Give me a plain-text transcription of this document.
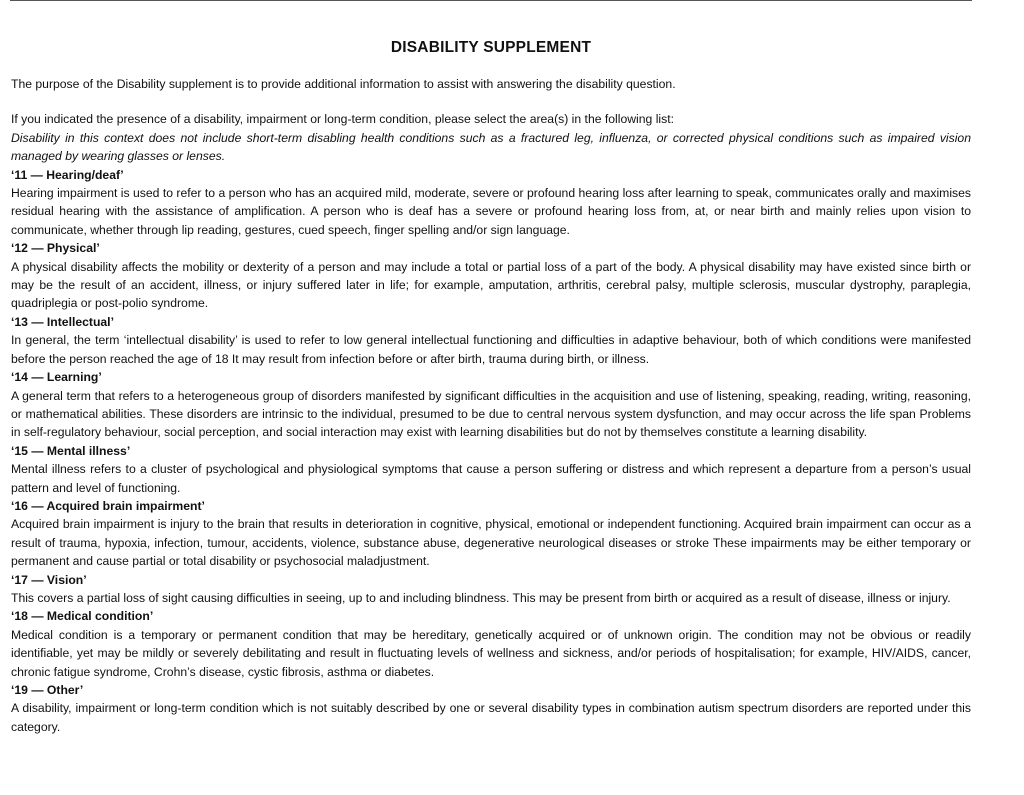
DISABILITY SUPPLEMENT

The purpose of the Disability supplement is to provide additional information to assist with answering the disability question.

If you indicated the presence of a disability, impairment or long-term condition, please select the area(s) in the following list:

Disability in this context does not include short-term disabling health conditions such as a fractured leg, influenza, or corrected physical conditions such as impaired vision managed by wearing glasses or lenses.

‘11 — Hearing/deaf’

Hearing impairment is used to refer to a person who has an acquired mild, moderate, severe or profound hearing loss after learning to speak, communicates orally and maximises residual hearing with the assistance of amplification. A person who is deaf has a severe or profound hearing loss from, at, or near birth and mainly relies upon vision to communicate, whether through lip reading, gestures, cued speech, finger spelling and/or sign language.

‘12 — Physical’

A physical disability affects the mobility or dexterity of a person and may include a total or partial loss of a part of the body. A physical disability may have existed since birth or may be the result of an accident, illness, or injury suffered later in life; for example, amputation, arthritis, cerebral palsy, multiple sclerosis, muscular dystrophy, paraplegia, quadriplegia or post-polio syndrome.

‘13 — Intellectual’

In general, the term ‘intellectual disability’ is used to refer to low general intellectual functioning and difficulties in adaptive behaviour, both of which conditions were manifested before the person reached the age of 18 It may result from infection before or after birth, trauma during birth, or illness.

‘14 — Learning’

A general term that refers to a heterogeneous group of disorders manifested by significant difficulties in the acquisition and use of listening, speaking, reading, writing, reasoning, or mathematical abilities. These disorders are intrinsic to the individual, presumed to be due to central nervous system dysfunction, and may occur across the life span Problems in self-regulatory behaviour, social perception, and social interaction may exist with learning disabilities but do not by themselves constitute a learning disability.

‘15 — Mental illness’

Mental illness refers to a cluster of psychological and physiological symptoms that cause a person suffering or distress and which represent a departure from a person’s usual pattern and level of functioning.

‘16 — Acquired brain impairment’

Acquired brain impairment is injury to the brain that results in deterioration in cognitive, physical, emotional or independent functioning. Acquired brain impairment can occur as a result of trauma, hypoxia, infection, tumour, accidents, violence, substance abuse, degenerative neurological diseases or stroke These impairments may be either temporary or permanent and cause partial or total disability or psychosocial maladjustment.

‘17 — Vision’

This covers a partial loss of sight causing difficulties in seeing, up to and including blindness. This may be present from birth or acquired as a result of disease, illness or injury.

‘18 — Medical condition’

Medical condition is a temporary or permanent condition that may be hereditary, genetically acquired or of unknown origin. The condition may not be obvious or readily identifiable, yet may be mildly or severely debilitating and result in fluctuating levels of wellness and sickness, and/or periods of hospitalisation; for example, HIV/AIDS, cancer, chronic fatigue syndrome, Crohn’s disease, cystic fibrosis, asthma or diabetes.

‘19 — Other’

A disability, impairment or long-term condition which is not suitably described by one or several disability types in combination autism spectrum disorders are reported under this category.
